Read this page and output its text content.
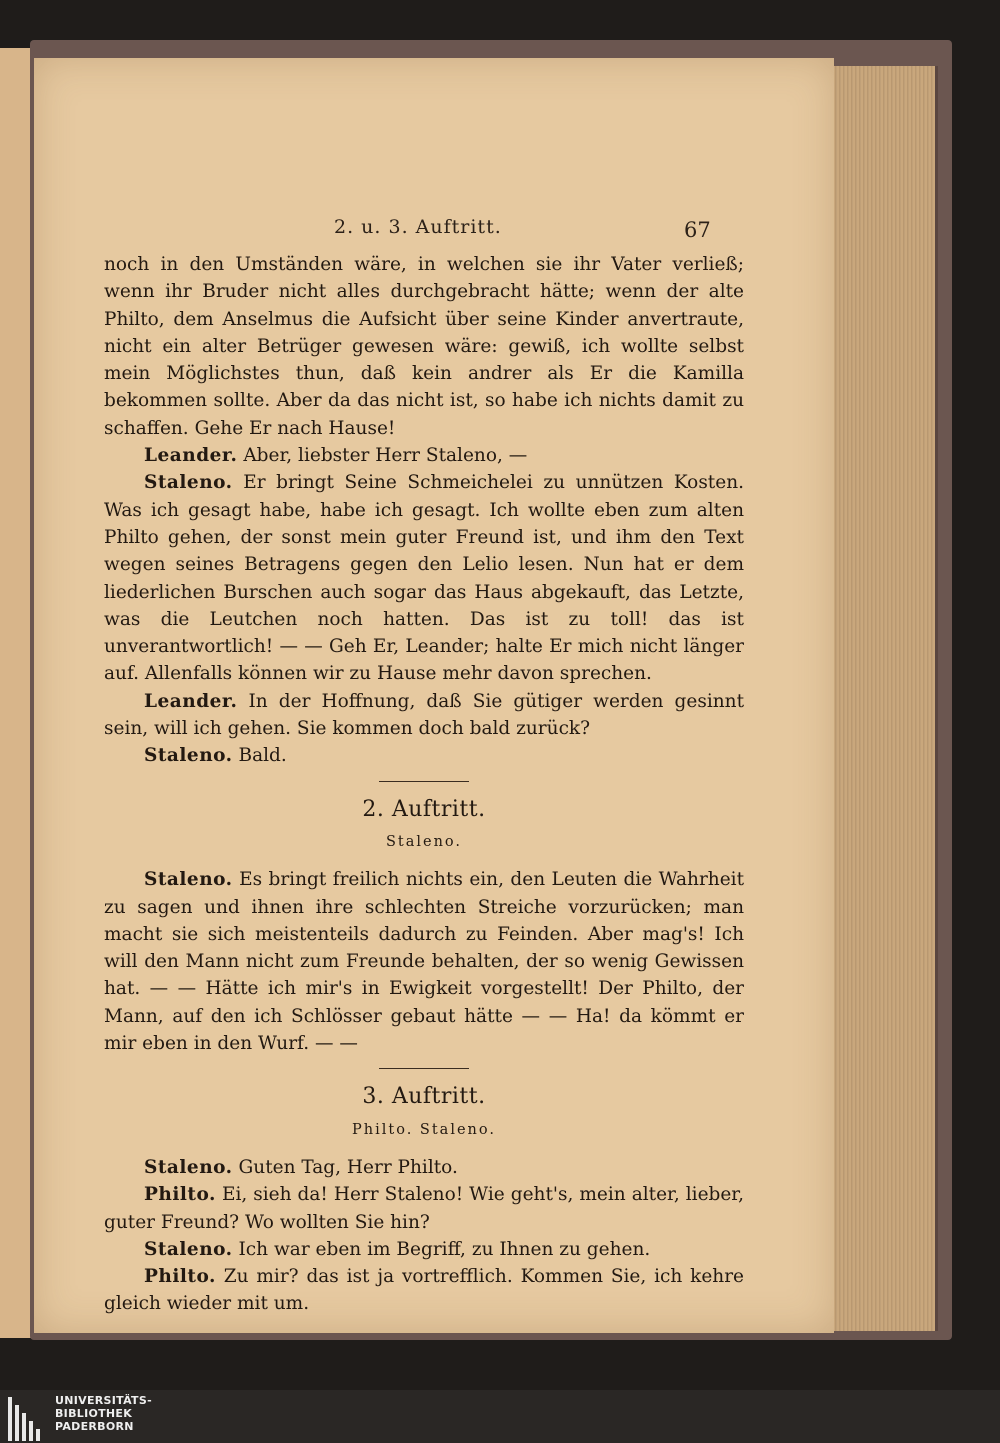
2. u. 3. Auftritt.	67

noch in den Umständen wäre, in welchen sie ihr Vater verließ; wenn ihr Bruder nicht alles durchgebracht hätte; wenn der alte Philto, dem Anselmus die Aufsicht über seine Kinder anvertraute, nicht ein alter Betrüger gewesen wäre: gewiß, ich wollte selbst mein Möglichstes thun, daß kein andrer als Er die Kamilla bekommen sollte. Aber da das nicht ist, so habe ich nichts damit zu schaffen. Gehe Er nach Hause!

Leander. Aber, liebster Herr Staleno, —

Staleno. Er bringt Seine Schmeichelei zu unnützen Kosten. Was ich gesagt habe, habe ich gesagt. Ich wollte eben zum alten Philto gehen, der sonst mein guter Freund ist, und ihm den Text wegen seines Betragens gegen den Lelio lesen. Nun hat er dem liederlichen Burschen auch sogar das Haus abgekauft, das Letzte, was die Leutchen noch hatten. Das ist zu toll! das ist unverantwortlich! — — Geh Er, Leander; halte Er mich nicht länger auf. Allenfalls können wir zu Hause mehr davon sprechen.

Leander. In der Hoffnung, daß Sie gütiger werden gesinnt sein, will ich gehen. Sie kommen doch bald zurück?

Staleno. Bald.

2. Auftritt.
Staleno.

Staleno. Es bringt freilich nichts ein, den Leuten die Wahrheit zu sagen und ihnen ihre schlechten Streiche vorzurücken; man macht sie sich meistenteils dadurch zu Feinden. Aber mag's! Ich will den Mann nicht zum Freunde behalten, der so wenig Gewissen hat. — — Hätte ich mir's in Ewigkeit vorgestellt! Der Philto, der Mann, auf den ich Schlösser gebaut hätte — — Ha! da kömmt er mir eben in den Wurf. — —

3. Auftritt.
Philto. Staleno.

Staleno. Guten Tag, Herr Philto.

Philto. Ei, sieh da! Herr Staleno! Wie geht's, mein alter, lieber, guter Freund? Wo wollten Sie hin?

Staleno. Ich war eben im Begriff, zu Ihnen zu gehen.

Philto. Zu mir? das ist ja vortrefflich. Kommen Sie, ich kehre gleich wieder mit um.

UNIVERSITÄTS-
BIBLIOTHEK
PADERBORN
